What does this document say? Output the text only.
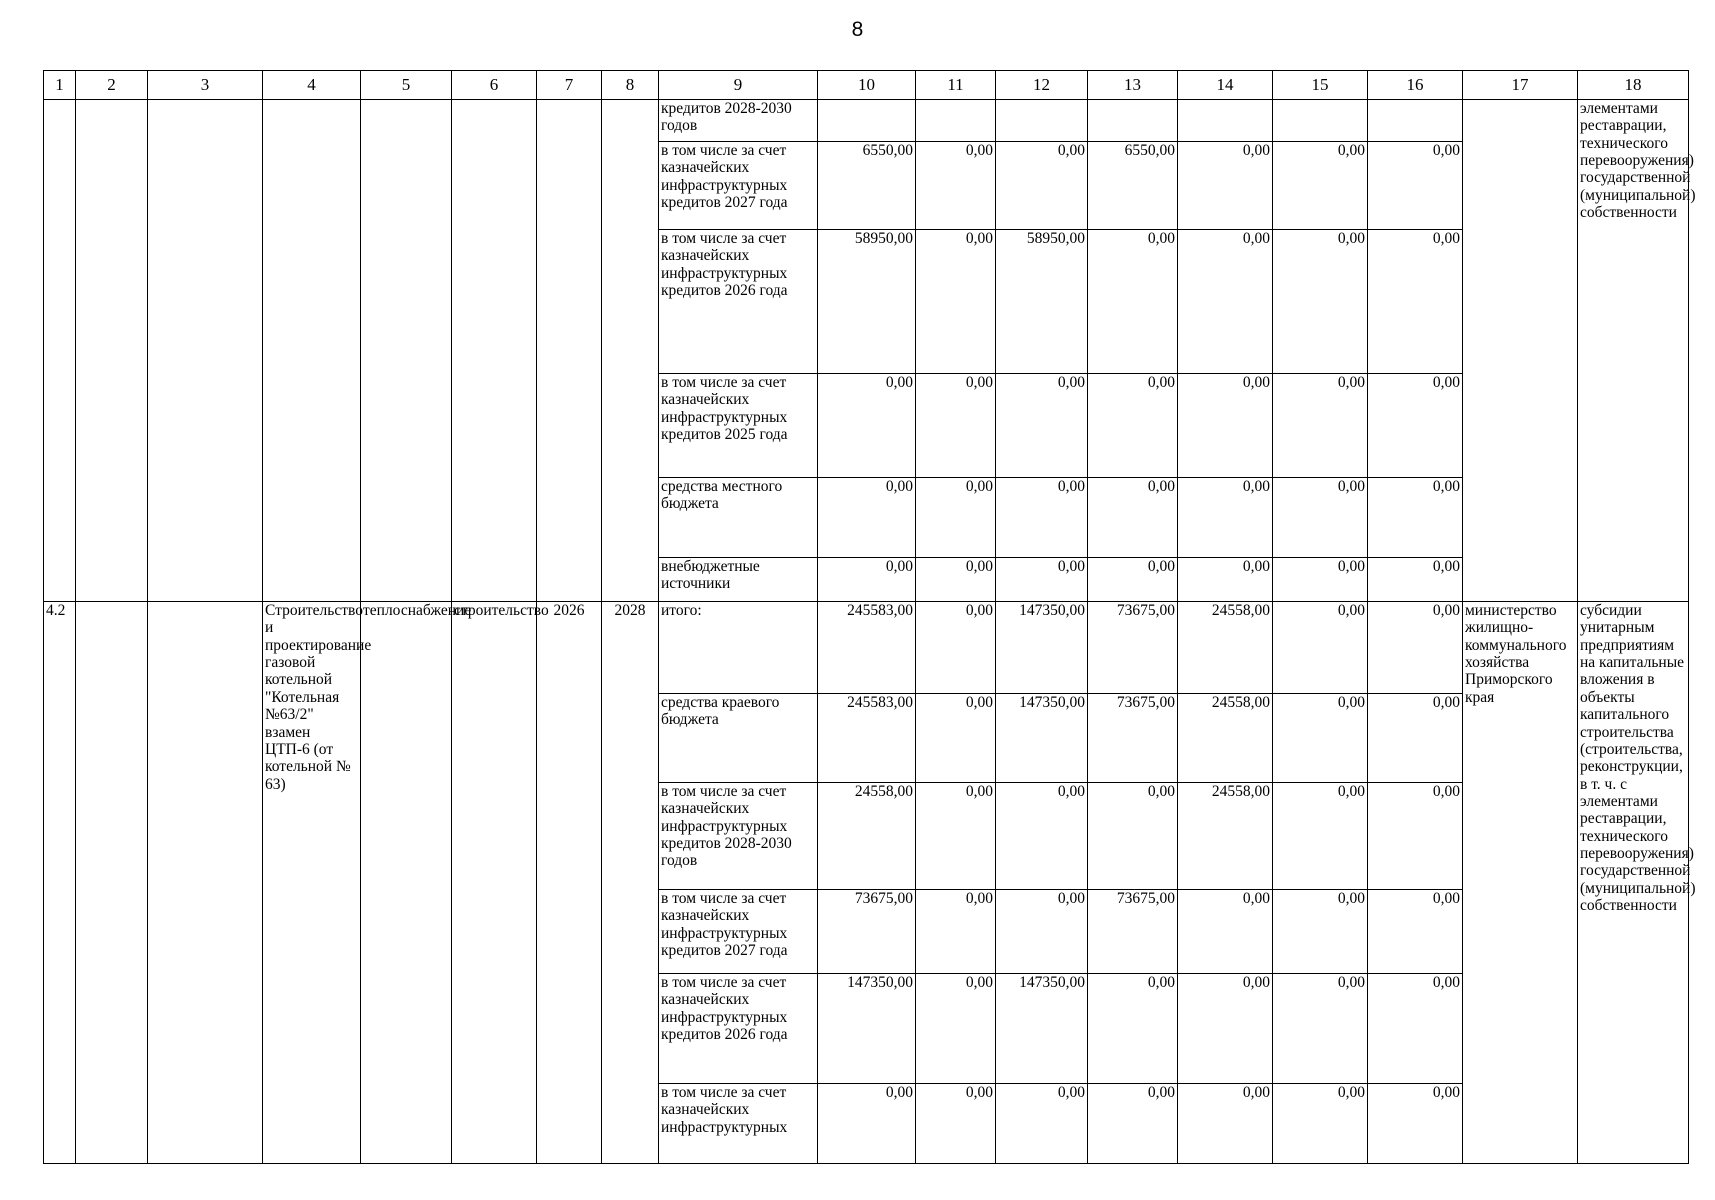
8
1	2	3	4	5	6	7	8	9	10	11	12	13	14	15	16	17	18
								кредитов 2028-2030 годов									элементами реставрации, технического перевооружения) государственной (муниципальной) собственности
								в том числе за счет казначейских инфраструктурных кредитов 2027 года	6550,00	0,00	0,00	6550,00	0,00	0,00	0,00		
								в том числе за счет казначейских инфраструктурных кредитов 2026 года	58950,00	0,00	58950,00	0,00	0,00	0,00	0,00		
								в том числе за счет казначейских инфраструктурных кредитов 2025 года	0,00	0,00	0,00	0,00	0,00	0,00	0,00		
								средства местного бюджета	0,00	0,00	0,00	0,00	0,00	0,00	0,00		
								внебюджетные источники	0,00	0,00	0,00	0,00	0,00	0,00	0,00		
4.2			Строительство и проектирование газовой котельной "Котельная №63/2" взамен ЦТП-6 (от котельной № 63)	теплоснабжение	строительство	2026	2028	итого:	245583,00	0,00	147350,00	73675,00	24558,00	0,00	0,00	министерство жилищно-коммунального хозяйства Приморского края	субсидии унитарным предприятиям на капитальные вложения в объекты капитального строительства (строительства, реконструкции, в т. ч. с элементами реставрации, технического перевооружения) государственной (муниципальной) собственности
								средства краевого бюджета	245583,00	0,00	147350,00	73675,00	24558,00	0,00	0,00		
								в том числе за счет казначейских инфраструктурных кредитов 2028-2030 годов	24558,00	0,00	0,00	0,00	24558,00	0,00	0,00		
								в том числе за счет казначейских инфраструктурных кредитов 2027 года	73675,00	0,00	0,00	73675,00	0,00	0,00	0,00		
								в том числе за счет казначейских инфраструктурных кредитов 2026 года	147350,00	0,00	147350,00	0,00	0,00	0,00	0,00		
								в том числе за счет казначейских инфраструктурных	0,00	0,00	0,00	0,00	0,00	0,00	0,00		
